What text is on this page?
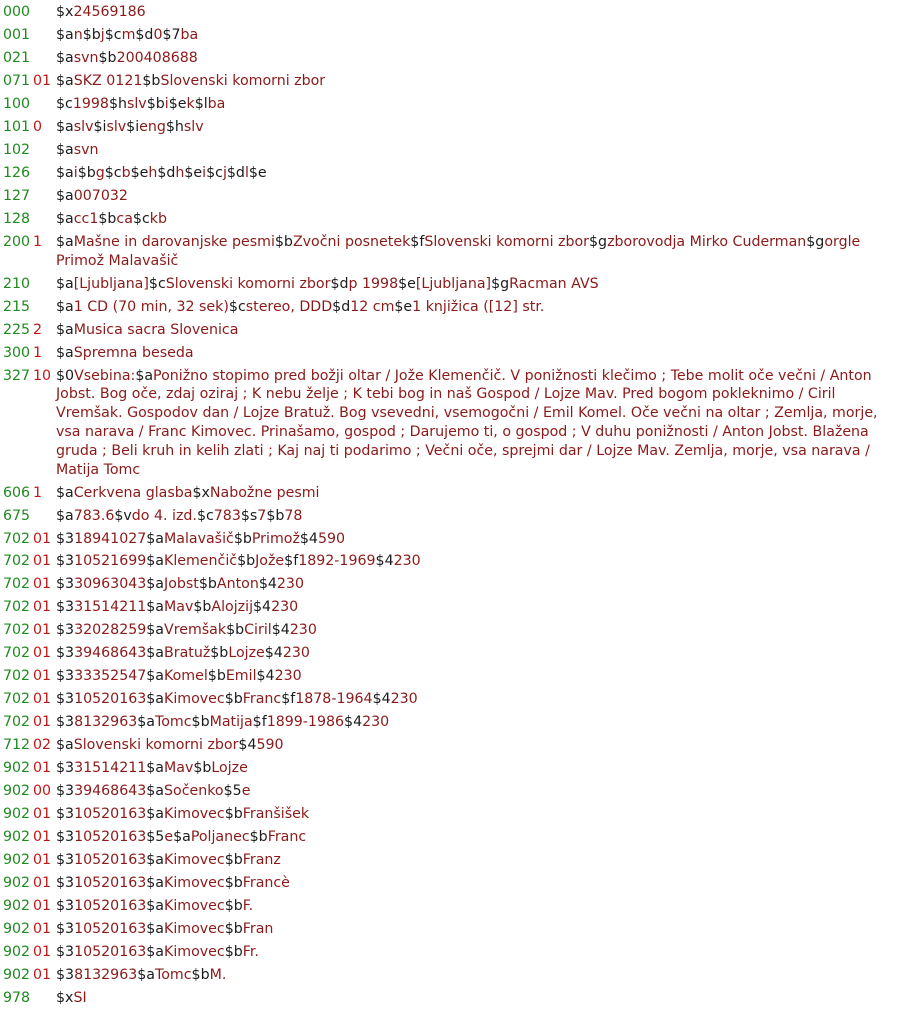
000 $x24569186
001 $an$bj$cm$d0$7ba
021 $asvn$b200408688
071 01 $aSKZ 0121$bSlovenski komorni zbor
100 $c1998$hslv$bi$ek$lba
101 0 $aslv$islv$ieng$hslv
102 $asvn
126 $ai$bg$cb$eh$dh$ei$cj$dl$e
127 $a007032
128 $acc1$bca$ckb
200 1 $aMašne in darovanjske pesmi$bZvočni posnetek$fSlovenski komorni zbor$gzborovodja Mirko Cuderman$gorgle Primož Malavašič
210 $a[Ljubljana]$cSlovenski komorni zbor$dp 1998$e[Ljubljana]$gRacman AVS
215 $a1 CD (70 min, 32 sek)$cstereo, DDD$d12 cm$e1 knjižica ([12] str.
225 2 $aMusica sacra Slovenica
300 1 $aSpremna beseda
327 10 $0Vsebina:$aPonižno stopimo pred božji oltar / Jože Klemenčič. V ponižnosti klečimo ; Tebe molit oče večni / Anton Jobst. Bog oče, zdaj oziraj ; K nebu želje ; K tebi bog in naš Gospod / Lojze Mav. Pred bogom pokleknimo / Ciril Vremšak. Gospodov dan / Lojze Bratuž. Bog vsevedni, vsemogočni / Emil Komel. Oče večni na oltar ; Zemlja, morje, vsa narava / Franc Kimovec. Prinašamo, gospod ; Darujemo ti, o gospod ; V duhu ponižnosti / Anton Jobst. Blažena gruda ; Beli kruh in kelih zlati ; Kaj naj ti podarimo ; Večni oče, sprejmi dar / Lojze Mav. Zemlja, morje, vsa narava / Matija Tomc
606 1 $aCerkvena glasba$xNabožne pesmi
675 $a783.6$vdo 4. izd.$c783$s7$b78
702 01 $318941027$aMalavašič$bPrimož$4590
702 01 $310521699$aKlemenčič$bJože$f1892-1969$4230
702 01 $330963043$aJobst$bAnton$4230
702 01 $331514211$aMav$bAlojzij$4230
702 01 $332028259$aVremšak$bCiril$4230
702 01 $339468643$aBratuž$bLojze$4230
702 01 $333352547$aKomel$bEmil$4230
702 01 $310520163$aKimovec$bFranc$f1878-1964$4230
702 01 $38132963$aTomc$bMatija$f1899-1986$4230
712 02 $aSlovenski komorni zbor$4590
902 01 $331514211$aMav$bLojze
902 00 $339468643$aSočenko$5e
902 01 $310520163$aKimovec$bFranšišek
902 01 $310520163$5e$aPoljanec$bFranc
902 01 $310520163$aKimovec$bFranz
902 01 $310520163$aKimovec$bFrancè
902 01 $310520163$aKimovec$bF.
902 01 $310520163$aKimovec$bFran
902 01 $310520163$aKimovec$bFr.
902 01 $38132963$aTomc$bM.
978 $xSI
